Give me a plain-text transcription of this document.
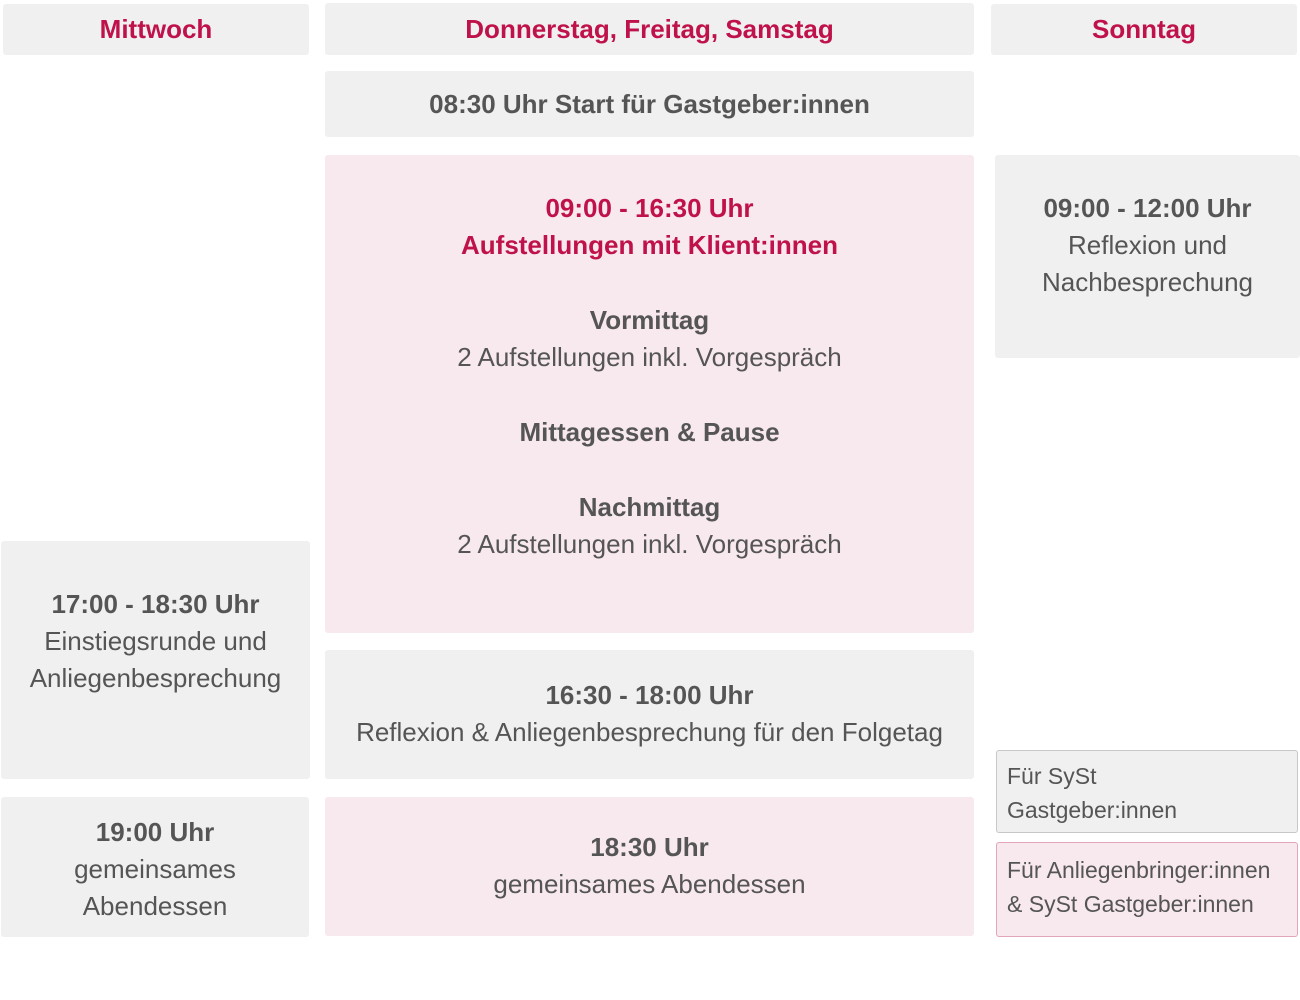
Mittwoch	Donnerstag, Freitag, Samstag	Sonntag
08:30 Uhr Start für Gastgeber:innen
09:00 - 16:30 Uhr
Aufstellungen mit Klient:innen
Vormittag
2 Aufstellungen inkl. Vorgespräch
Mittagessen & Pause
Nachmittag
2 Aufstellungen inkl. Vorgespräch
09:00 - 12:00 Uhr
Reflexion und
Nachbesprechung
17:00 - 18:30 Uhr
Einstiegsrunde und
Anliegenbesprechung
16:30 - 18:00 Uhr
Reflexion & Anliegenbesprechung für den Folgetag
19:00 Uhr
gemeinsames
Abendessen
18:30 Uhr
gemeinsames Abendessen
Für SySt
Gastgeber:innen
Für Anliegenbringer:innen
& SySt Gastgeber:innen
